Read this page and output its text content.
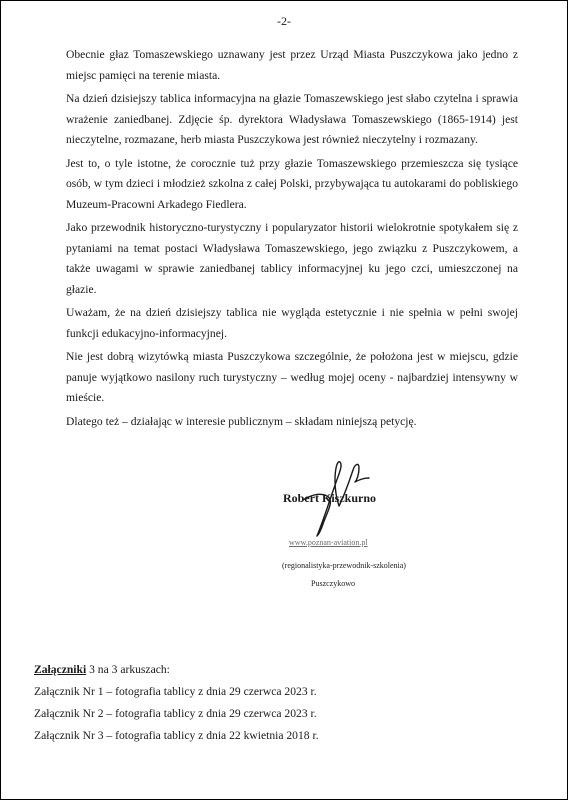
-2-

Obecnie głaz Tomaszewskiego uznawany jest przez Urząd Miasta Puszczykowa jako jedno z miejsc pamięci na terenie miasta.

Na dzień dzisiejszy tablica informacyjna na głazie Tomaszewskiego jest słabo czytelna i sprawia wrażenie zaniedbanej. Zdjęcie śp. dyrektora Władysława Tomaszewskiego (1865-1914) jest nieczytelne, rozmazane, herb miasta Puszczykowa jest również nieczytelny i rozmazany.

Jest to, o tyle istotne, że corocznie tuż przy głazie Tomaszewskiego przemieszcza się tysiące osób, w tym dzieci i młodzież szkolna z całej Polski, przybywająca tu autokarami do pobliskiego Muzeum-Pracowni Arkadego Fiedlera.

Jako przewodnik historyczno-turystyczny i popularyzator historii wielokrotnie spotykałem się z pytaniami na temat postaci Władysława Tomaszewskiego, jego związku z Puszczykowem, a także uwagami w sprawie zaniedbanej tablicy informacyjnej ku jego czci, umieszczonej na głazie.

Uważam, że na dzień dzisiejszy tablica nie wygląda estetycznie i nie spełnia w pełni swojej funkcji edukacyjno-informacyjnej.

Nie jest dobrą wizytówką miasta Puszczykowa szczególnie, że położona jest w miejscu, gdzie panuje wyjątkowo nasilony ruch turystyczny – według mojej oceny - najbardziej intensywny w mieście.

Dlatego też – działając w interesie publicznym – składam niniejszą petycję.

Robert Kiszkurno
www.poznan-aviation.pl
(regionalistyka-przewodnik-szkolenia)
Puszczykowo
Załączniki 3 na 3 arkuszach:
Załącznik Nr 1 – fotografia tablicy z dnia 29 czerwca 2023 r.
Załącznik Nr 2 – fotografia tablicy z dnia 29 czerwca 2023 r.
Załącznik Nr 3 – fotografia tablicy z dnia 22 kwietnia 2018 r.
